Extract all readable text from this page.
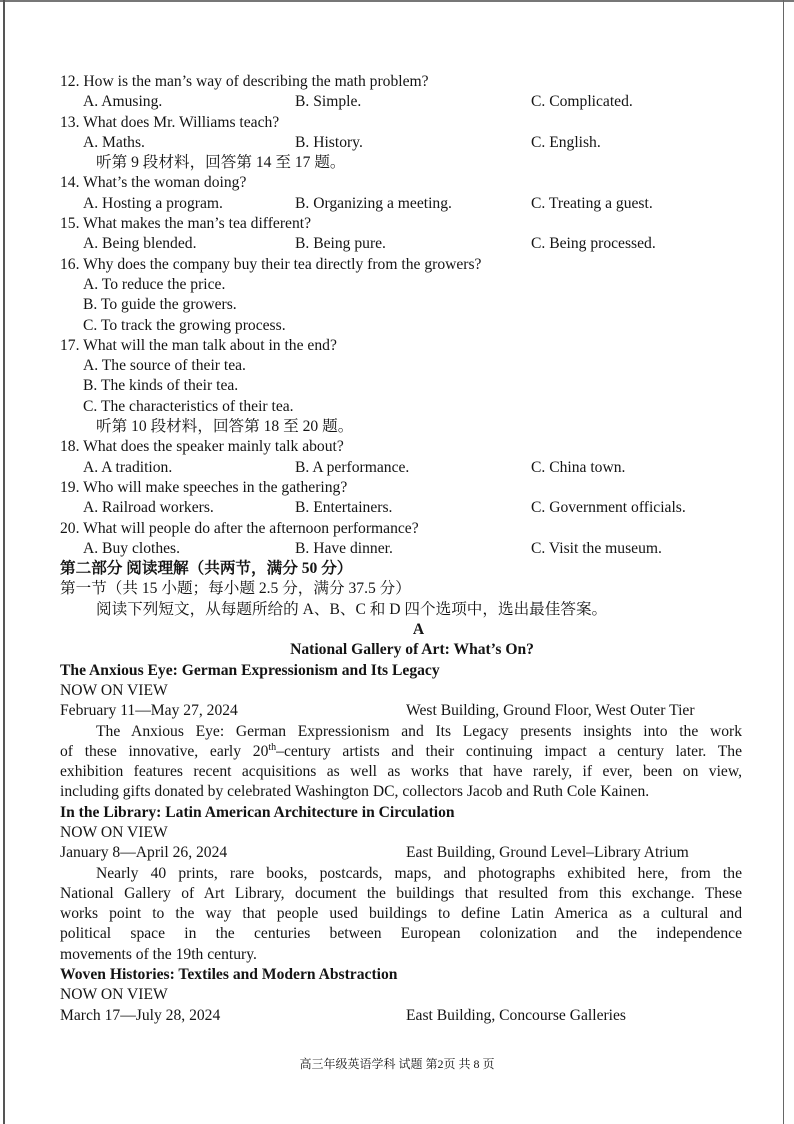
12. How is the man’s way of describing the math problem?
A. Amusing.	B. Simple.	C. Complicated.
13. What does Mr. Williams teach?
A. Maths.	B. History.	C. English.
听第 9 段材料，回答第 14 至 17 题。
14. What’s the woman doing?
A. Hosting a program.	B. Organizing a meeting.	C. Treating a guest.
15. What makes the man’s tea different?
A. Being blended.	B. Being pure.	C. Being processed.
16. Why does the company buy their tea directly from the growers?
A. To reduce the price.
B. To guide the growers.
C. To track the growing process.
17. What will the man talk about in the end?
A. The source of their tea.
B. The kinds of their tea.
C. The characteristics of their tea.
听第 10 段材料，回答第 18 至 20 题。
18. What does the speaker mainly talk about?
A. A tradition.	B. A performance.	C. China town.
19. Who will make speeches in the gathering?
A. Railroad workers.	B. Entertainers.	C. Government officials.
20. What will people do after the afternoon performance?
A. Buy clothes.	B. Have dinner.	C. Visit the museum.
第二部分 阅读理解（共两节，满分 50 分）
第一节（共 15 小题；每小题 2.5 分，满分 37.5 分）
阅读下列短文，从每题所给的 A、B、C 和 D 四个选项中，选出最佳答案。
A
National Gallery of Art: What’s On?
The Anxious Eye: German Expressionism and Its Legacy
NOW ON VIEW
February 11—May 27, 2024	West Building, Ground Floor, West Outer Tier
The Anxious Eye: German Expressionism and Its Legacy presents insights into the work
of these innovative, early 20th–century artists and their continuing impact a century later. The
exhibition features recent acquisitions as well as works that have rarely, if ever, been on view,
including gifts donated by celebrated Washington DC, collectors Jacob and Ruth Cole Kainen.
In the Library: Latin American Architecture in Circulation
NOW ON VIEW
January 8—April 26, 2024	East Building, Ground Level–Library Atrium
Nearly 40 prints, rare books, postcards, maps, and photographs exhibited here, from the
National Gallery of Art Library, document the buildings that resulted from this exchange. These
works point to the way that people used buildings to define Latin America as a cultural and
political space in the centuries between European colonization and the independence
movements of the 19th century.
Woven Histories: Textiles and Modern Abstraction
NOW ON VIEW
March 17—July 28, 2024	East Building, Concourse Galleries
高三年级英语学科 试题 第2页 共 8 页
